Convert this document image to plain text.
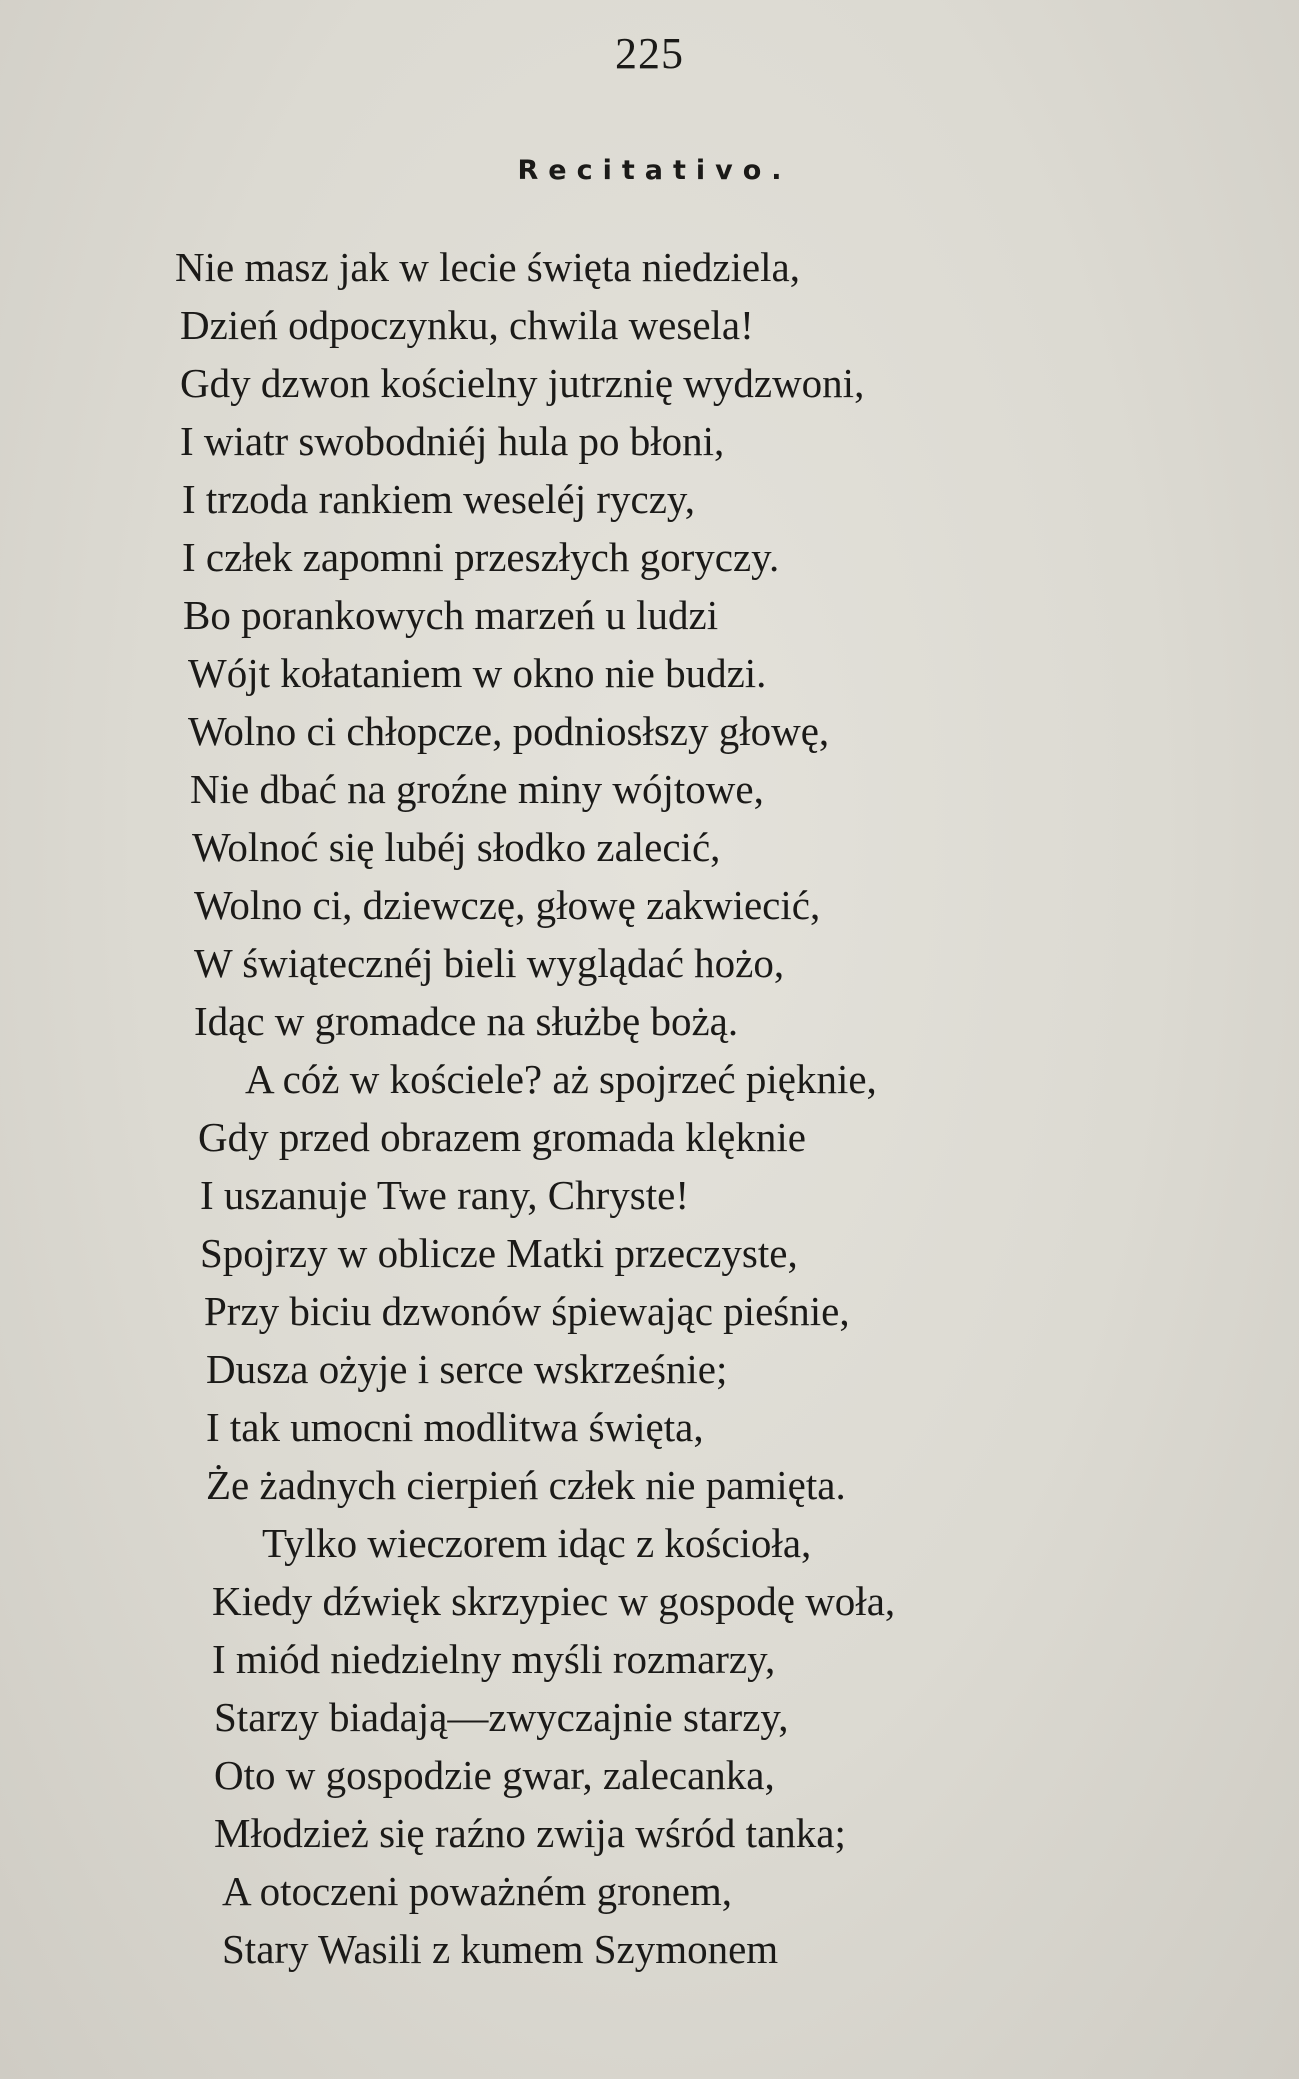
225
Recitativo.
Nie masz jak w lecie święta niedziela,
Dzień odpoczynku, chwila wesela!
Gdy dzwon kościelny jutrznię wydzwoni,
I wiatr swobodniéj hula po błoni,
I trzoda rankiem weseléj ryczy,
I człek zapomni przeszłych goryczy.
Bo porankowych marzeń u ludzi
Wójt kołataniem w okno nie budzi.
Wolno ci chłopcze, podniosłszy głowę,
Nie dbać na groźne miny wójtowe,
Wolnoć się lubéj słodko zalecić,
Wolno ci, dziewczę, głowę zakwiecić,
W świątecznéj bieli wyglądać hożo,
Idąc w gromadce na służbę bożą.
A cóż w kościele? aż spojrzeć pięknie,
Gdy przed obrazem gromada klęknie
I uszanuje Twe rany, Chryste!
Spojrzy w oblicze Matki przeczyste,
Przy biciu dzwonów śpiewając pieśnie,
Dusza ożyje i serce wskrześnie;
I tak umocni modlitwa święta,
Że żadnych cierpień człek nie pamięta.
Tylko wieczorem idąc z kościoła,
Kiedy dźwięk skrzypiec w gospodę woła,
I miód niedzielny myśli rozmarzy,
Starzy biadają—zwyczajnie starzy,
Oto w gospodzie gwar, zalecanka,
Młodzież się raźno zwija wśród tanka;
A otoczeni poważném gronem,
Stary Wasili z kumem Szymonem
